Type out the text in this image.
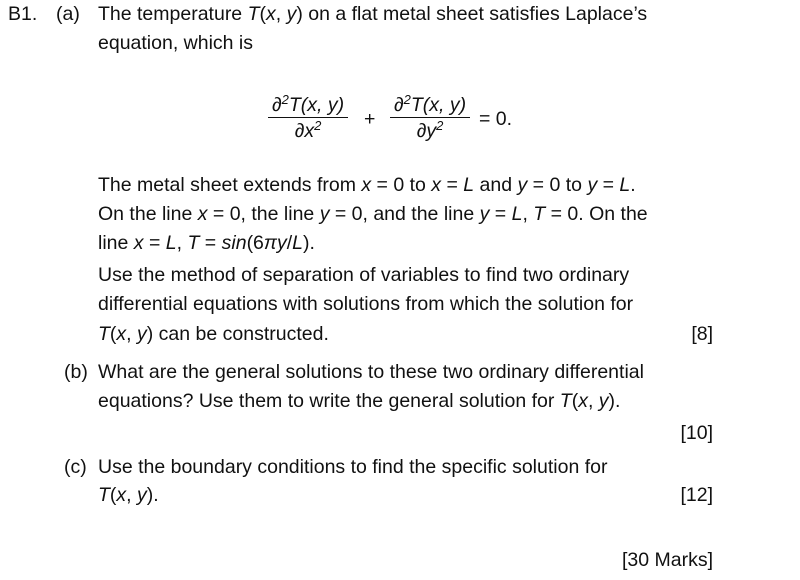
B1. (a)
(b)
(c)
The temperature T(x, y) on a flat metal sheet satisfies Laplace’s
equation, which is
The metal sheet extends from x = 0 to x = L and y = 0 to y = L.
On the line x = 0, the line y = 0, and the line y = L, T = 0. On the
line x = L, T = sin(6πy/L).
Use the method of separation of variables to find two ordinary
differential equations with solutions from which the solution for
T(x, y) can be constructed.
What are the general solutions to these two ordinary differential
equations? Use them to write the general solution for T(x, y).
Use the boundary conditions to find the specific solution for
T(x, y).
$\frac{\partial^2T(x, y)}{\partial x^2} + \frac{\partial^2T(x, y)}{\partial y^2} = 0$.
[8]
[10]
[12]
[30 Marks]
